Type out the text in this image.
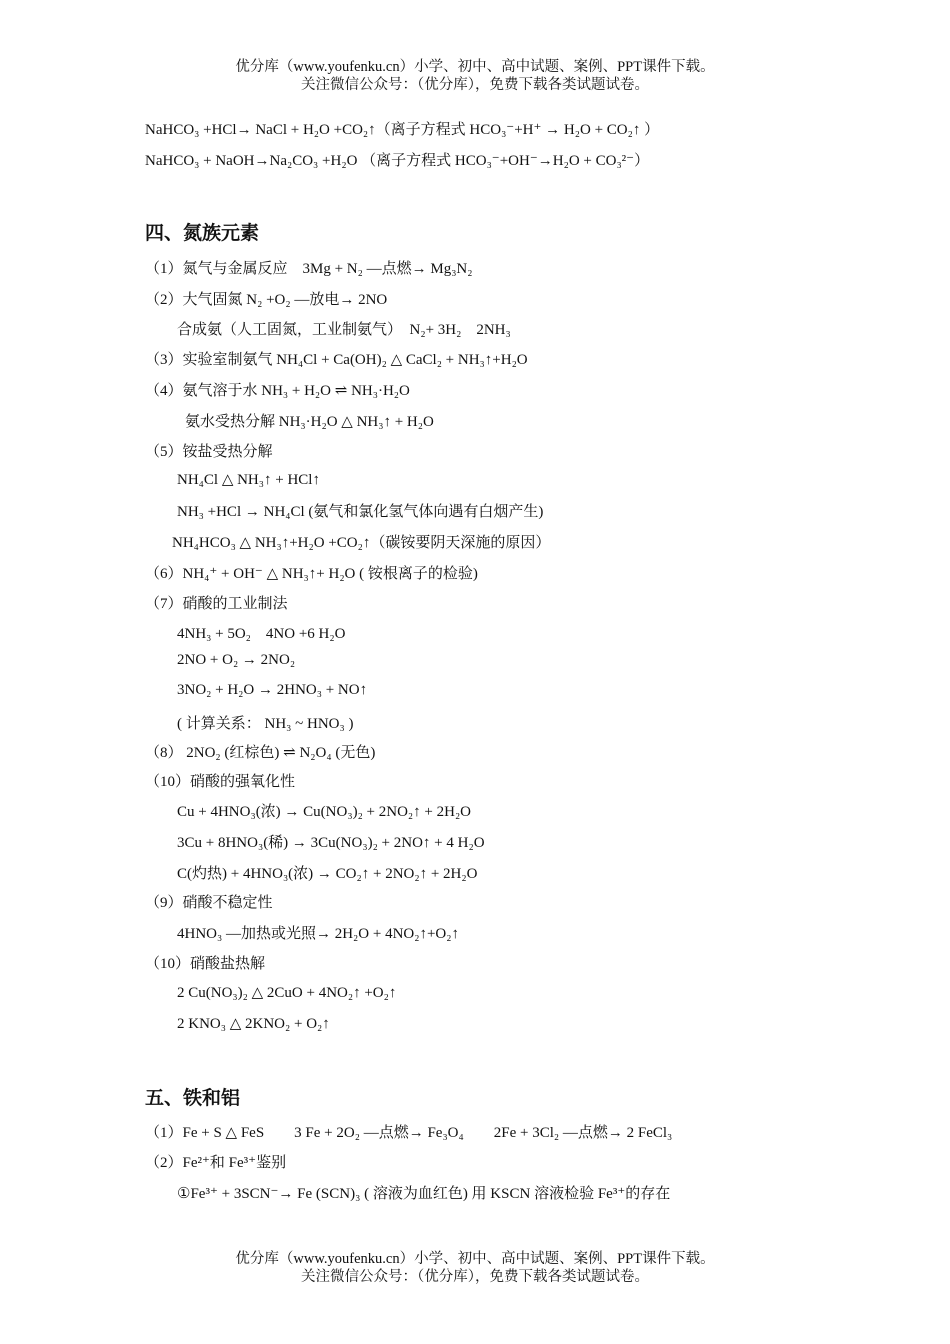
优分库（www.youfenku.cn）小学、初中、高中试题、案例、PPT课件下载。
关注微信公众号：（优分库），免费下载各类试题试卷。
NaHCO₃ +HCl→ NaCl + H₂O +CO₂↑（离子方程式 HCO₃⁻+H⁺ → H₂O + CO₂↑ ）
NaHCO₃ + NaOH→Na₂CO₃ +H₂O （离子方程式 HCO₃⁻+OH⁻→H₂O + CO₃²⁻）
四、氮族元素
（1）氮气与金属反应　3Mg + N₂ —点燃→ Mg₃N₂
（2）大气固氮 N₂ +O₂ —放电→ 2NO
合成氨（人工固氮，工业制氨气）　N₂+ 3H₂　2NH₃
（3）实验室制氨气 NH₄Cl + Ca(OH)₂ △ CaCl₂ + NH₃↑+H₂O
（4）氨气溶于水 NH₃ + H₂O ⇌ NH₃·H₂O
氨水受热分解 NH₃·H₂O △ NH₃↑ + H₂O
（5）铵盐受热分解
NH₄Cl △ NH₃↑ + HCl↑
NH₃ +HCl → NH₄Cl (氨气和氯化氢气体向遇有白烟产生)
NH₄HCO₃ △ NH₃↑+H₂O +CO₂↑（碳铵要阴天深施的原因）
（6）NH₄⁺ + OH⁻ △ NH₃↑+ H₂O ( 铵根离子的检验)
（7）硝酸的工业制法
4NH₃ + 5O₂　4NO +6 H₂O
2NO + O₂ → 2NO₂
3NO₂ + H₂O → 2HNO₃ + NO↑
( 计算关系： NH₃ ~ HNO₃ )
（8） 2NO₂ (红棕色) ⇌ N₂O₄ (无色)
（10）硝酸的强氧化性
Cu + 4HNO₃(浓) → Cu(NO₃)₂ + 2NO₂↑ + 2H₂O
3Cu + 8HNO₃(稀) → 3Cu(NO₃)₂ + 2NO↑ + 4 H₂O
C(灼热) + 4HNO₃(浓) → CO₂↑ + 2NO₂↑ + 2H₂O
（9）硝酸不稳定性
4HNO₃ —加热或光照→ 2H₂O + 4NO₂↑+O₂↑
（10）硝酸盐热解
2 Cu(NO₃)₂ △ 2CuO + 4NO₂↑ +O₂↑
2 KNO₃ △ 2KNO₂ + O₂↑
五、铁和铝
（1）Fe + S △ FeS　　3 Fe + 2O₂ —点燃→ Fe₃O₄　　2Fe + 3Cl₂ —点燃→ 2 FeCl₃
（2）Fe²⁺和 Fe³⁺鉴别
①Fe³⁺ + 3SCN⁻→ Fe (SCN)₃ ( 溶液为血红色) 用 KSCN 溶液检验 Fe³⁺的存在
优分库（www.youfenku.cn）小学、初中、高中试题、案例、PPT课件下载。
关注微信公众号：（优分库），免费下载各类试题试卷。
